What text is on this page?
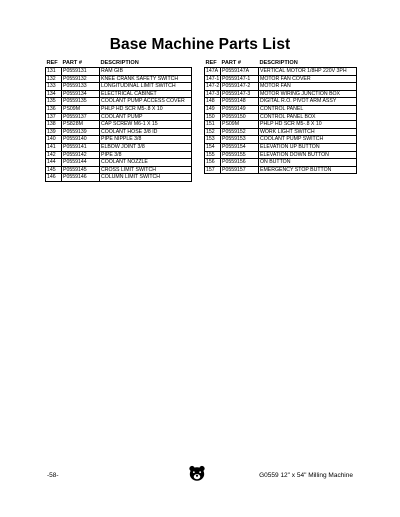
Base Machine Parts List
REF	PART #	DESCRIPTION
131	P0559131	RAM GIB
132	P0559132	KNEE CRANK SAFETY SWITCH
133	P0559133	LONGITUDINAL LIMIT SWITCH
134	P0559134	ELECTRICAL CABINET
135	P0559135	COOLANT PUMP ACCESS COVER
136	PS09M	PHLP HD SCR M5-.8 X 10
137	P0559137	COOLANT PUMP
138	PS828M	CAP SCREW M6-1 X 15
139	P0559139	COOLANT HOSE 3/8 ID
140	P0559140	PIPE NIPPLE 3/8
141	P0559141	ELBOW JOINT 3/8
142	P0559142	PIPE 3/8
144	P0559144	COOLANT NOZZLE
145	P0559145	CROSS LIMIT SWITCH
146	P0559146	COLUMN LIMIT SWITCH
REF	PART #	DESCRIPTION
147A	P0559147A	VERTICAL MOTOR 1/8HP 220V 3PH
147-1	P0559147-1	MOTOR FAN COVER
147-2	P0559147-2	MOTOR FAN
147-3	P0559147-3	MOTOR WIRING JUNCTION BOX
148	P0559148	DIGITAL R.O. PIVOT ARM ASSY
149	P0559149	CONTROL PANEL
150	P0559150	CONTROL PANEL BOX
151	PS09M	PHLP HD SCR M5-.8 X 10
152	P0559152	WORK LIGHT SWITCH
153	P0559153	COOLANT PUMP SWITCH
154	P0559154	ELEVATION UP BUTTON
155	P0559155	ELEVATION DOWN BUTTON
156	P0559156	ON BUTTON
157	P0559157	EMERGENCY STOP BUTTON
-58-	G0559 12" x 54" Milling Machine
